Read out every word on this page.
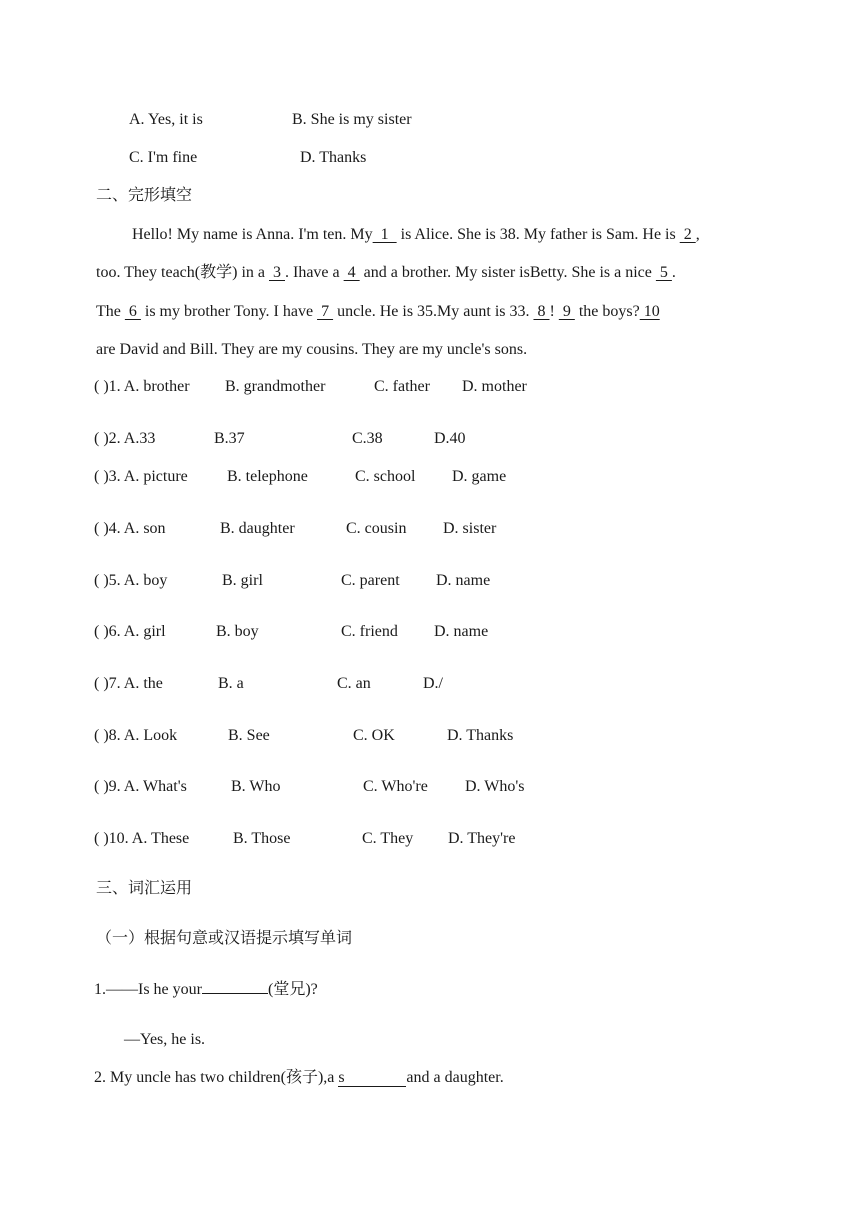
A. Yes, it is	B. She is my sister
C. I'm fine	D. Thanks
二、完形填空
Hello! My name is Anna. I'm ten. My  1   is Alice. She is 38. My father is Sam. He is  2 ,
too. They teach(教学) in a  3 . Ihave a  4  and a brother. My sister isBetty. She is a nice  5 .
The  6  is my brother Tony. I have  7  uncle. He is 35.My aunt is 33.  8 !  9  the boys? 10
are David and Bill. They are my cousins. They are my uncle's sons.
( )1. A. brother B. grandmother	C. father D. mother
( )2. A.33	B.37	C.38	D.40
( )3. A. picture B. telephone	C. school D. game
( )4. A. son	B. daughter	C. cousin D. sister
( )5. A. boy	B. girl	C. parent D. name
( )6. A. girl	B. boy	C. friend D. name
( )7. A. the	B. a	C. an	D./
( )8. A. Look	B. See	C. OK	D. Thanks
( )9. A. What's	B. Who	C. Who're D. Who's
( )10. A. These	B. Those	C. They D. They're
三、词汇运用
（一）根据句意或汉语提示填写单词
1.——Is he your	(堂兄)?
—Yes, he is.
2. My uncle has two children(孩子),a s	and a daughter.
